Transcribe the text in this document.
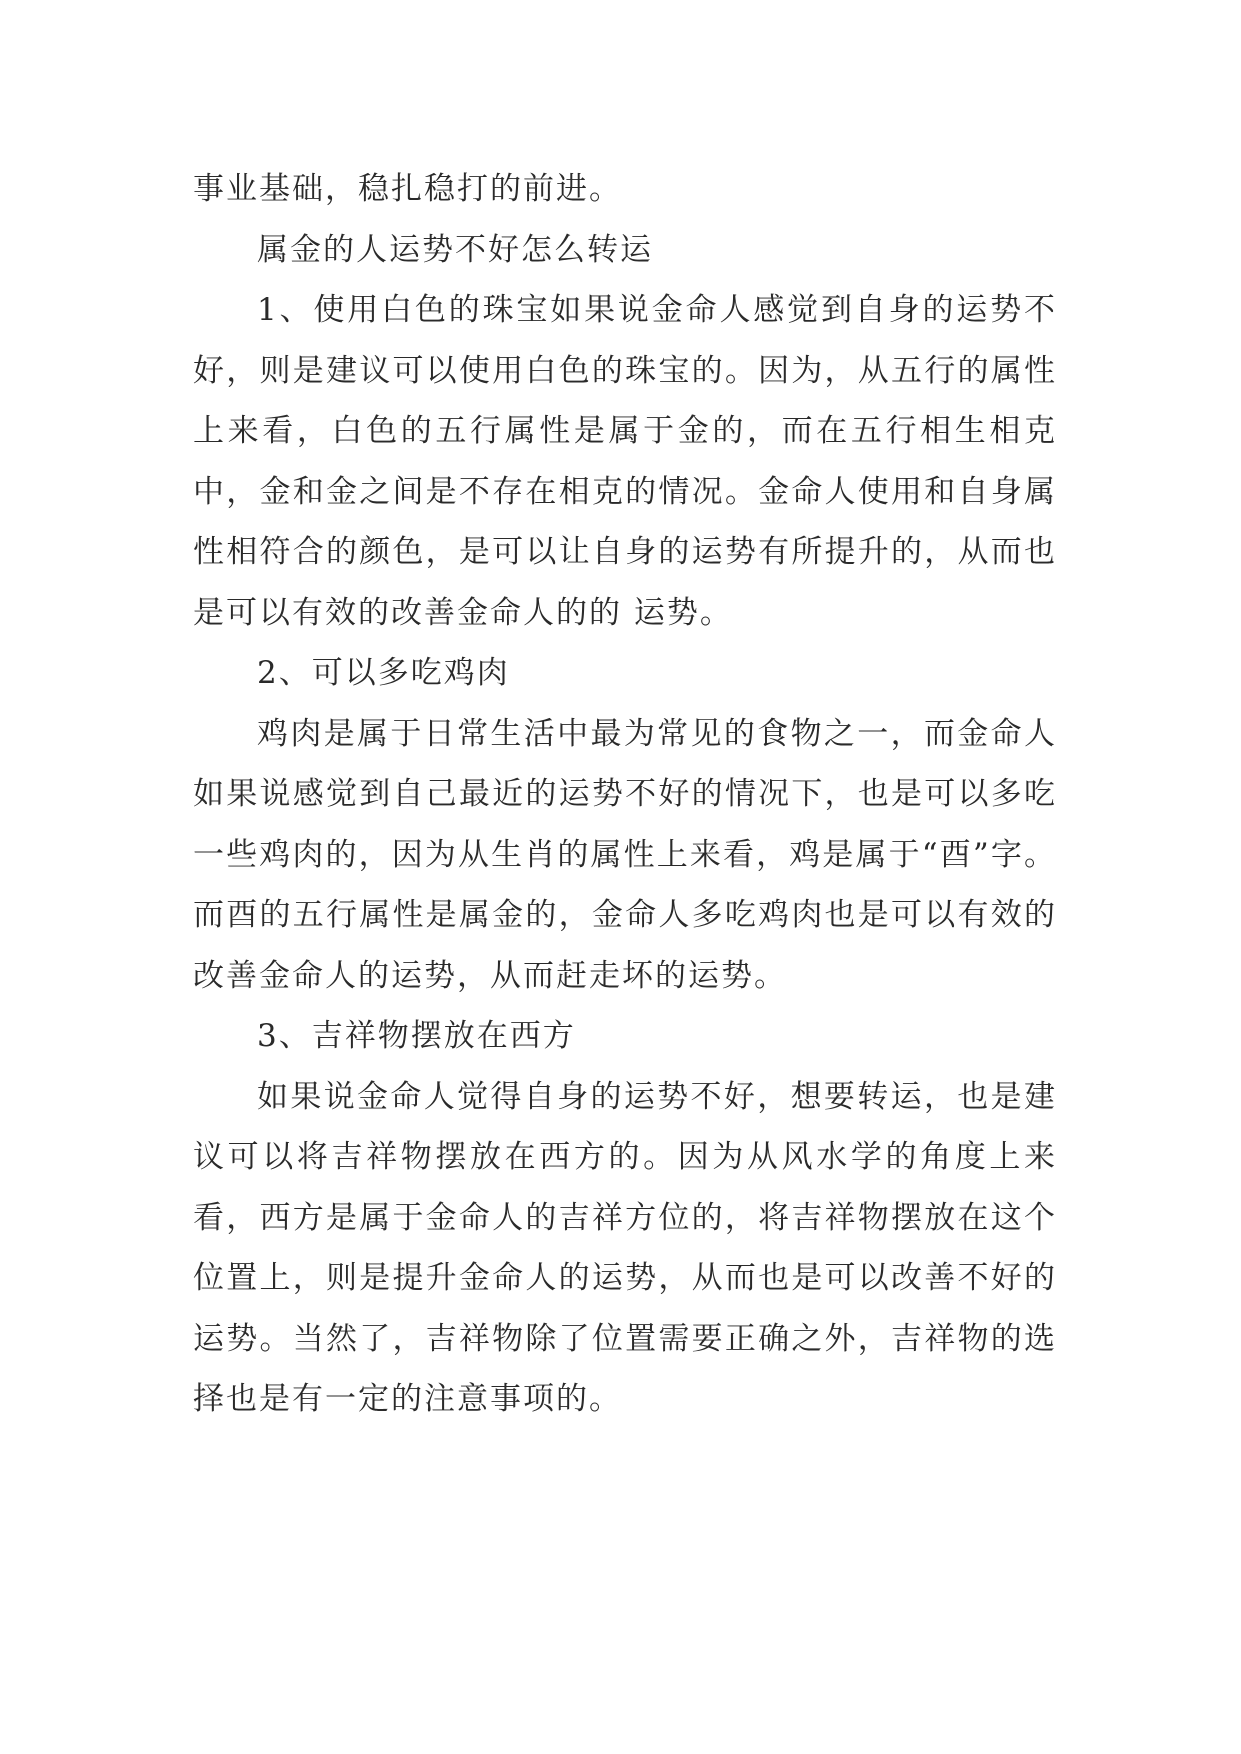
事业基础，稳扎稳打的前进。

属金的人运势不好怎么转运

1、使用白色的珠宝如果说金命人感觉到自身的运势不好，则是建议可以使用白色的珠宝的。因为，从五行的属性上来看，白色的五行属性是属于金的，而在五行相生相克中，金和金之间是不存在相克的情况。金命人使用和自身属性相符合的颜色，是可以让自身的运势有所提升的，从而也是可以有效的改善金命人的的 运势。

2、可以多吃鸡肉

鸡肉是属于日常生活中最为常见的食物之一，而金命人如果说感觉到自己最近的运势不好的情况下，也是可以多吃一些鸡肉的，因为从生肖的属性上来看，鸡是属于“酉”字。而酉的五行属性是属金的，金命人多吃鸡肉也是可以有效的改善金命人的运势，从而赶走坏的运势。

3、吉祥物摆放在西方

如果说金命人觉得自身的运势不好，想要转运，也是建议可以将吉祥物摆放在西方的。因为从风水学的角度上来看，西方是属于金命人的吉祥方位的，将吉祥物摆放在这个位置上，则是提升金命人的运势，从而也是可以改善不好的运势。当然了，吉祥物除了位置需要正确之外，吉祥物的选择也是有一定的注意事项的。
